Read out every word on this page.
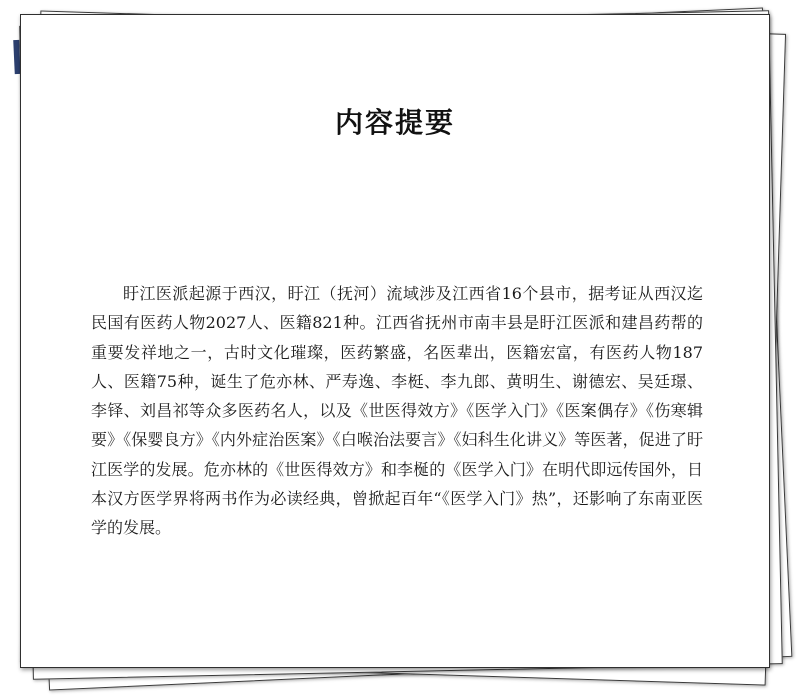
内容提要

盱江医派起源于西汉，盱江（抚河）流域涉及江西省16个县市，据考证从西汉迄民国有医药人物2027人、医籍821种。江西省抚州市南丰县是盱江医派和建昌药帮的重要发祥地之一，古时文化璀璨，医药繁盛，名医辈出，医籍宏富，有医药人物187人、医籍75种，诞生了危亦林、严寿逸、李梃、李九郎、黄明生、谢德宏、吴廷璟、李铎、刘昌祁等众多医药名人，以及《世医得效方》《医学入门》《医案偶存》《伤寒辑要》《保婴良方》《内外症治医案》《白喉治法要言》《妇科生化讲义》等医著，促进了盱江医学的发展。危亦林的《世医得效方》和李梴的《医学入门》在明代即远传国外，日本汉方医学界将两书作为必读经典，曾掀起百年“《医学入门》热”，还影响了东南亚医学的发展。
